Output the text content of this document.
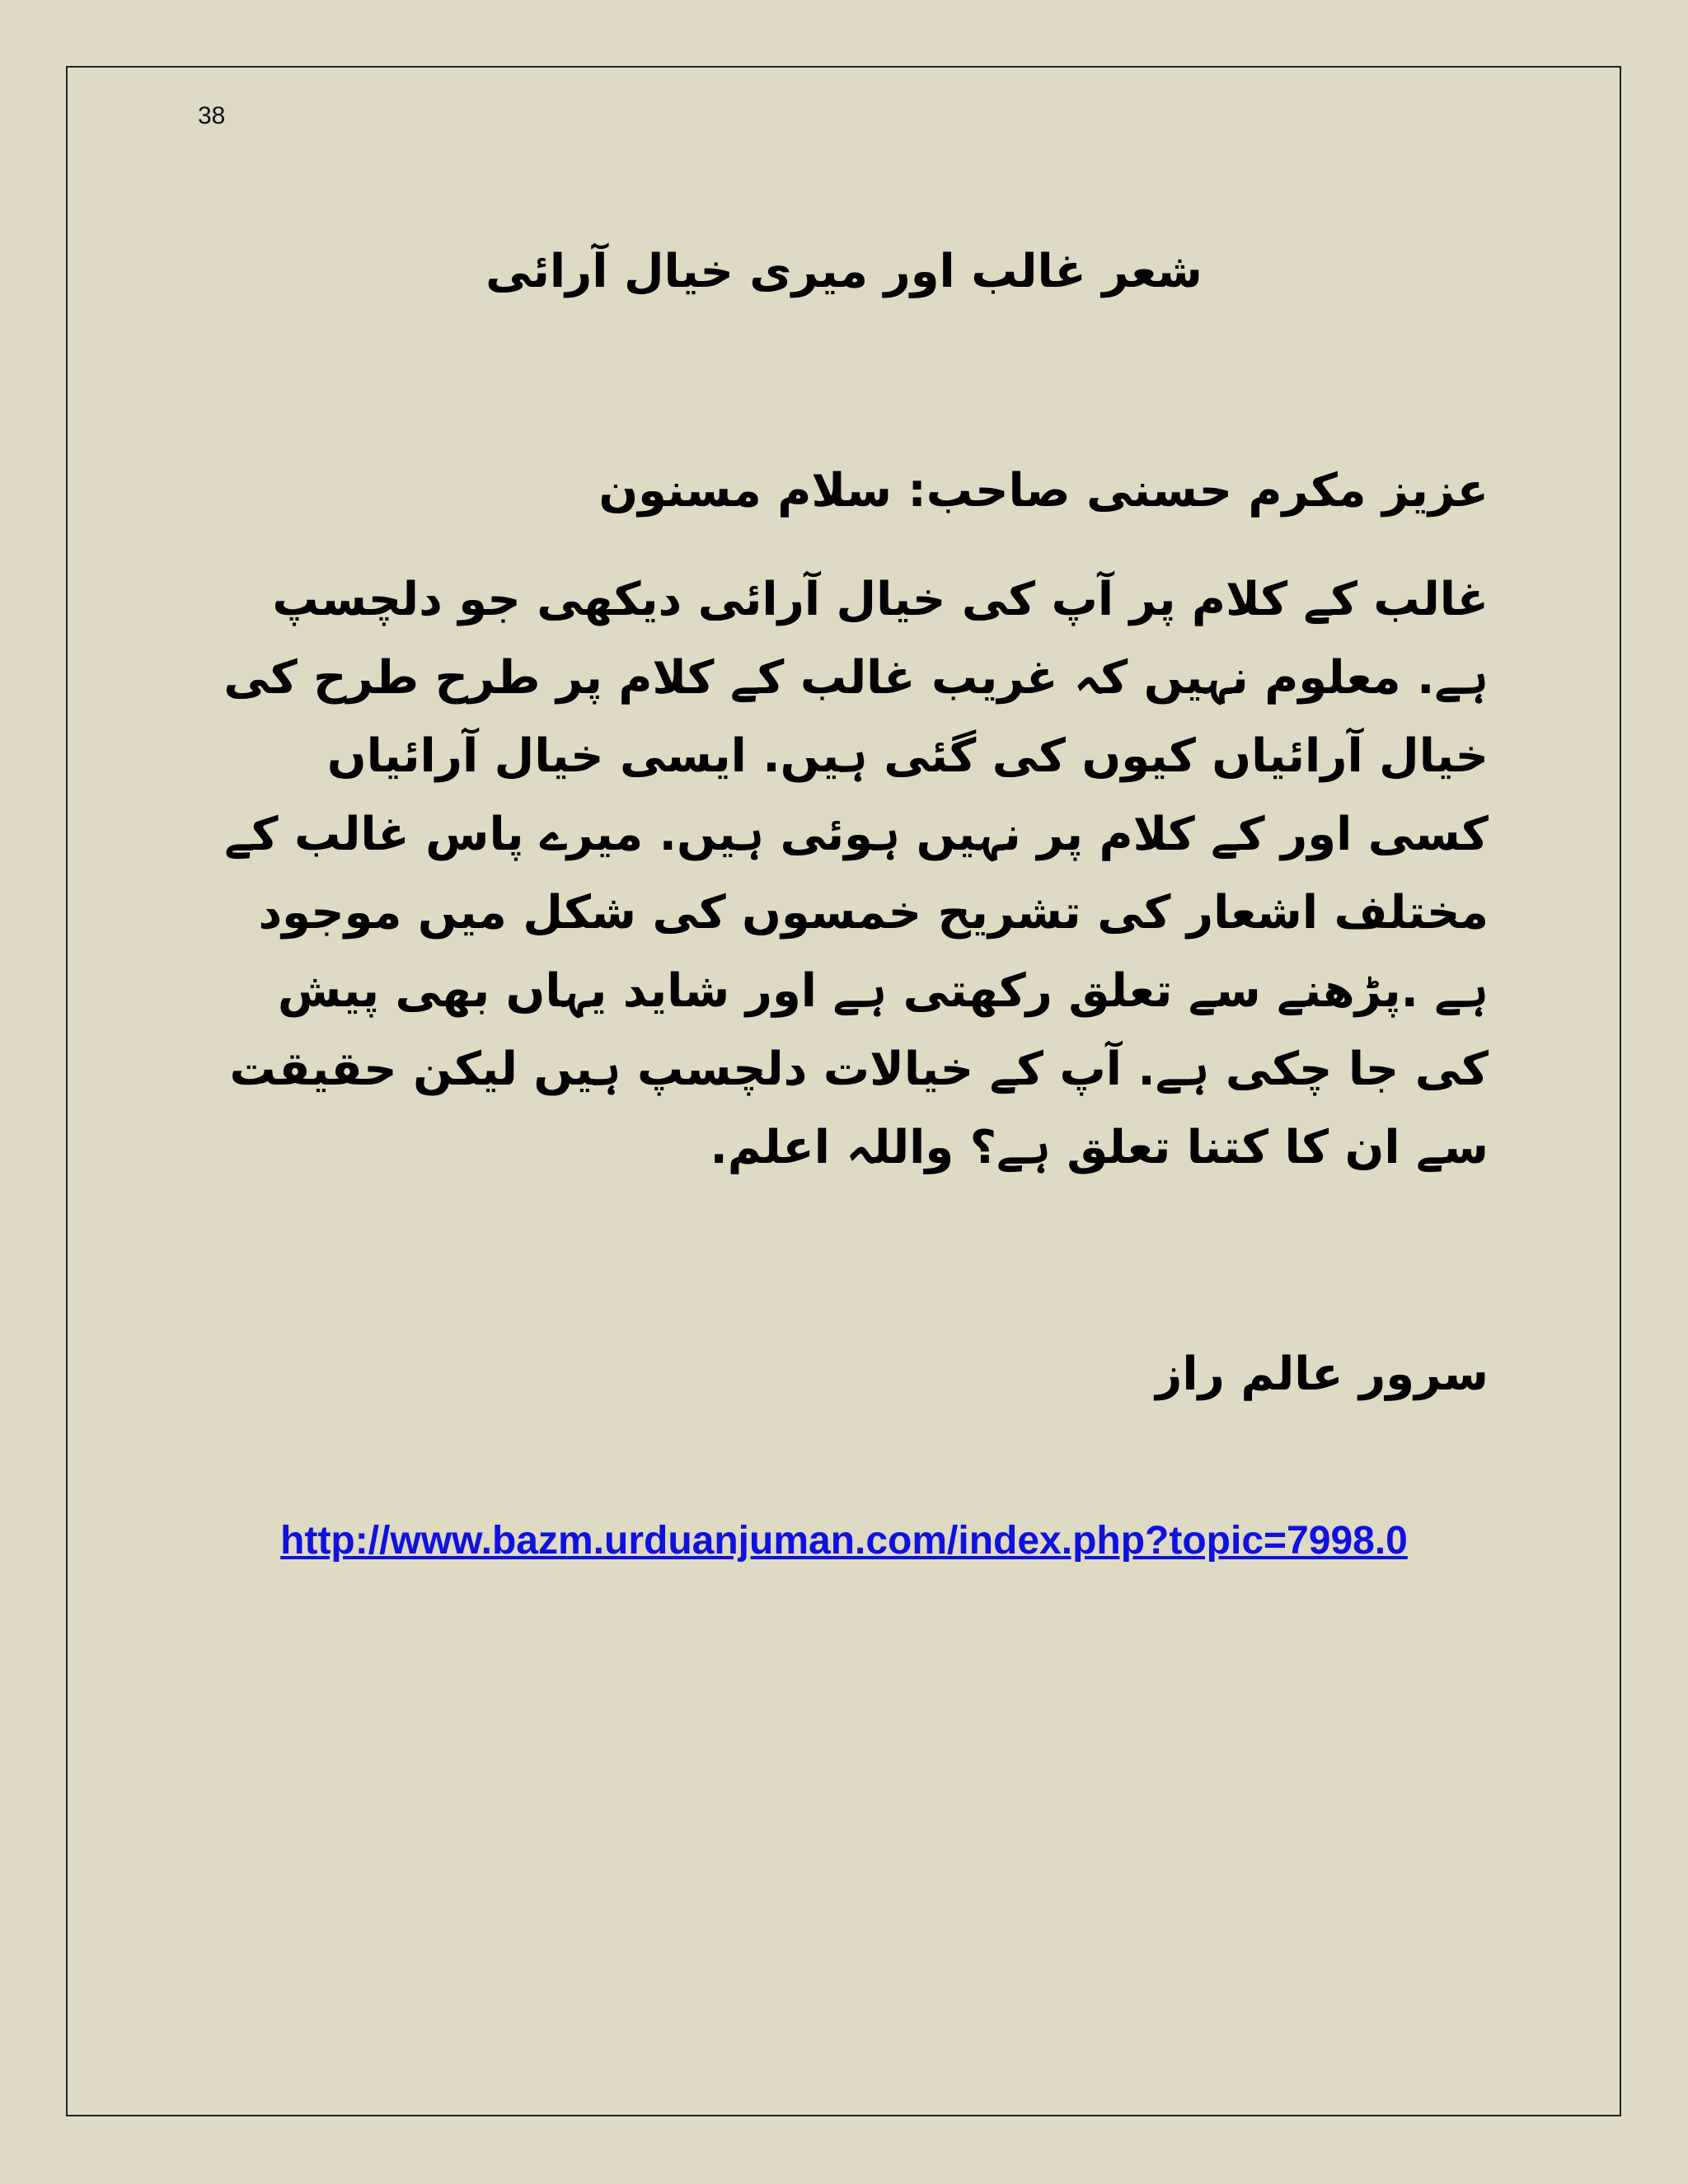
38
شعر غالب اور میری خیال آرائی

عزیز مکرم حسنی صاحب: سلام مسنون

غالب کے کلام پر آپ کی خیال آرائی دیکھی جو دلچسپ ہے. معلوم نہیں کہ غریب غالب کے کلام پر طرح طرح کی خیال آرائیاں کیوں کی گئی ہیں. ایسی خیال آرائیاں کسی اور کے کلام پر نہیں ہوئی ہیں. میرے پاس غالب کے مختلف اشعار کی تشریح خمسوں کی شکل میں موجود ہے .پڑھنے سے تعلق رکھتی ہے اور شاید یہاں بھی پیش کی جا چکی ہے. آپ کے خیالات دلچسپ ہیں لیکن حقیقت سے ان کا کتنا تعلق ہے؟ واللہ اعلم.

سرور عالم راز

http://www.bazm.urduanjuman.com/index.php?topic=7998.0
